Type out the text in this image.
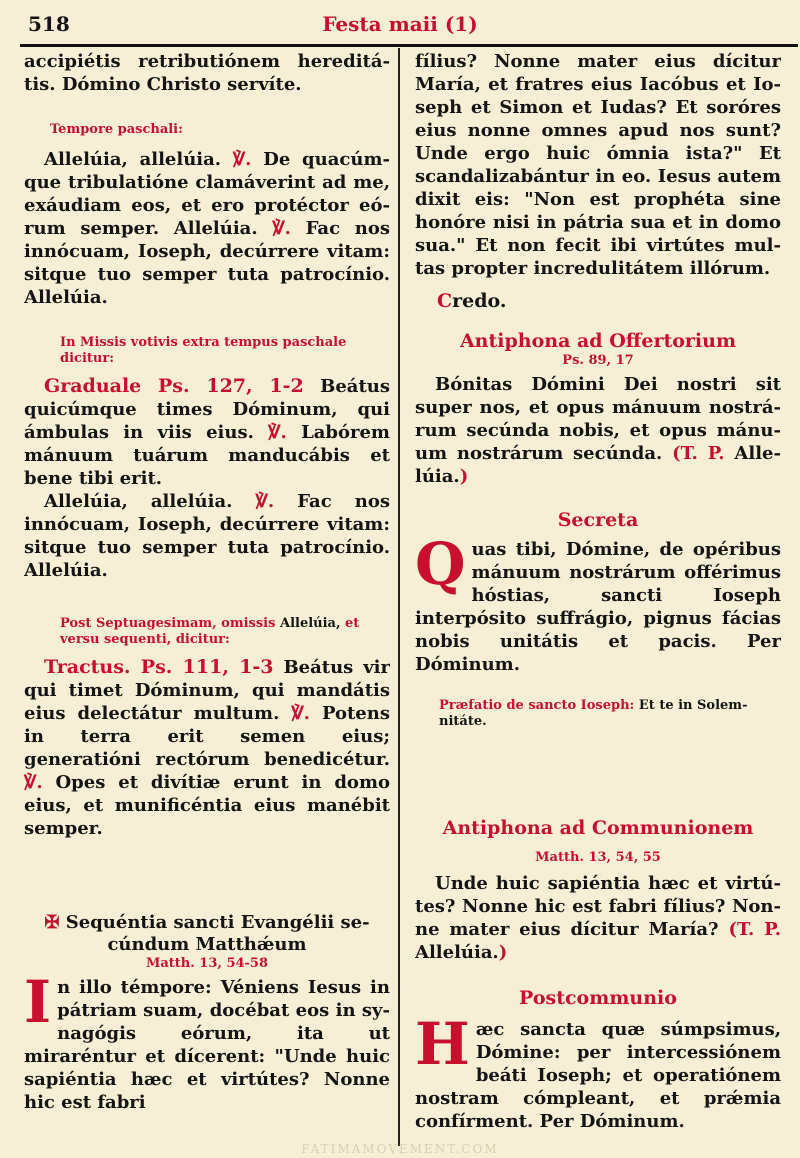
518	Festa maii (1)

accipiétis retributiónem hereditátis. Dómino Christo servíte.

Tempore paschali:

Allelúia, allelúia. ℣. De quacúmque tribulatióne clamáverint ad me, exáudiam eos, et ero protéctor eórum semper. Allelúia. ℣. Fac nos innócuam, Ioseph, decúrrere vitam: sitque tuo semper tuta patrocínio. Allelúia.

In Missis votivis extra tempus paschale dicitur:

Graduale Ps. 127, 1-2 Beátus quicúmque times Dóminum, qui ámbulas in viis eius. ℣. Labórem mánuum tuárum manducábis et bene tibi erit.

Allelúia, allelúia. ℣. Fac nos innócuam, Ioseph, decúrrere vitam: sitque tuo semper tuta patrocínio. Allelúia.

Post Septuagesimam, omissis Allelúia, et versu sequenti, dicitur:

Tractus. Ps. 111, 1-3 Beátus vir qui timet Dóminum, qui mandátis eius delectátur multum. ℣. Potens in terra erit semen eius; generatióni rectórum benedicétur. ℣. Opes et divítiæ erunt in domo eius, et munificéntia eius manébit semper.

✠ Sequéntia sancti Evangélii secúndum Matthǽum

Matth. 13, 54-58

I n illo témpore: Véniens Iesus in pátriam suam, docébat eos in synagógis eórum, ita ut miraréntur et dícerent: "Unde huic sapiéntia hæc et virtútes? Nonne hic est fabri

fílius? Nonne mater eius dícitur María, et fratres eius Iacóbus et Ioseph et Simon et Iudas? Et soróres eius nonne omnes apud nos sunt? Unde ergo huic ómnia ista?" Et scandalizabántur in eo. Iesus autem dixit eis: "Non est prophéta sine honóre nisi in pátria sua et in domo sua." Et non fecit ibi virtútes multas propter incredulitátem illórum.

Credo.

Antiphona ad Offertorium

Ps. 89, 17

Bónitas Dómini Dei nostri sit super nos, et opus mánuum nostrárum secúnda nobis, et opus mánuum nostrárum secúnda. (T. P. Allelúia.)

Secreta

Q uas tibi, Dómine, de opéribus mánuum nostrárum offérimus hóstias, sancti Ioseph interpósito suffrágio, pignus fácias nobis unitátis et pacis. Per Dóminum.

Præfatio de sancto Ioseph: Et te in Solemnitáte.

Antiphona ad Communionem

Matth. 13, 54, 55

Unde huic sapiéntia hæc et virtútes? Nonne hic est fabri fílius? Nonne mater eius dícitur María? (T. P. Allelúia.)

Postcommunio

H æc sancta quæ súmpsimus, Dómine: per intercessiónem beáti Ioseph; et operatiónem nostram cómpleant, et prǽmia confírment. Per Dóminum.

FATIMAMOVEMENT.COM
